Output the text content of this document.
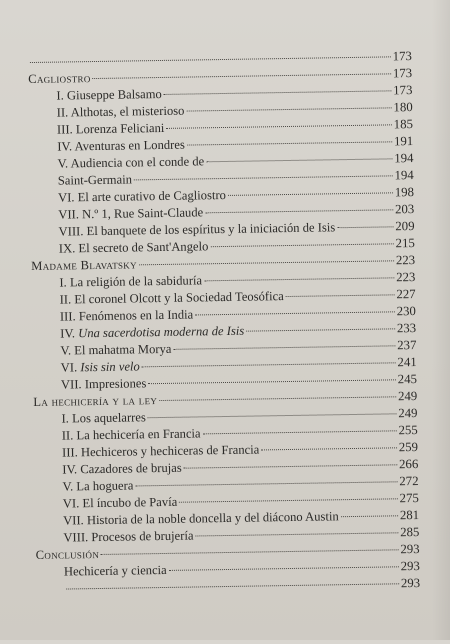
173
Cagliostro	173
I. Giuseppe Balsamo	173
II. Althotas, el misterioso	180
III. Lorenza Feliciani	185
IV. Aventuras en Londres	191
V. Audiencia con el conde de	194
Saint-Germain	194
VI. El arte curativo de Cagliostro	198
VII. N.º 1, Rue Saint-Claude	203
VIII. El banquete de los espíritus y la iniciación de Isis	209
IX. El secreto de Sant'Angelo	215
Madame Blavatsky	223
I. La religión de la sabiduría	223
II. El coronel Olcott y la Sociedad Teosófica	227
III. Fenómenos en la India	230
IV. Una sacerdotisa moderna de Isis	233
V. El mahatma Morya	237
VI. Isis sin velo	241
VII. Impresiones	245
La hechicería y la ley	249
I. Los aquelarres	249
II. La hechicería en Francia	255
III. Hechiceros y hechiceras de Francia	259
IV. Cazadores de brujas	266
V. La hoguera	272
VI. El íncubo de Pavía	275
VII. Historia de la noble doncella y del diácono Austin	281
VIII. Procesos de brujería	285
Conclusión	293
Hechicería y ciencia	293
293
